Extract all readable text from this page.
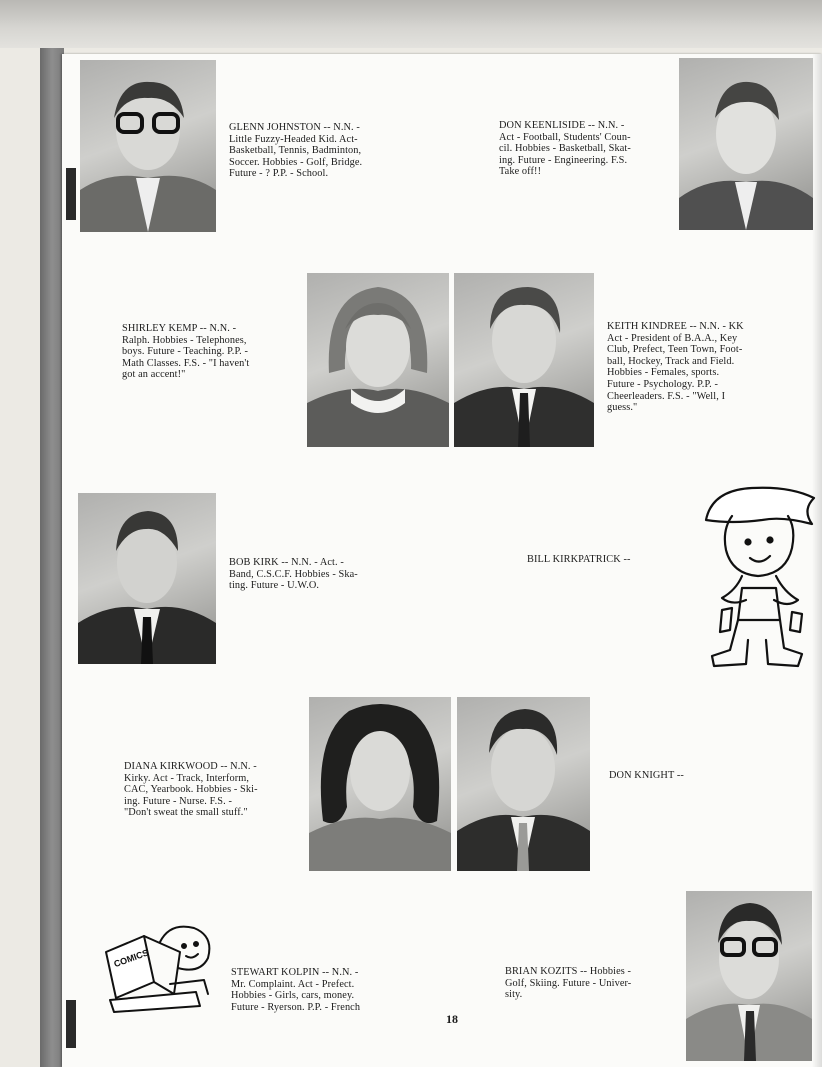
GLENN JOHNSTON -- N.N. -

Little Fuzzy-Headed Kid. Act-

Basketball, Tennis, Badminton,

Soccer. Hobbies - Golf, Bridge.

Future - ? P.P. - School.

DON KEENLISIDE -- N.N. -

Act - Football, Students' Coun-

cil. Hobbies - Basketball, Skat-

ing. Future - Engineering. F.S.

Take off!!

SHIRLEY KEMP -- N.N. -

Ralph. Hobbies - Telephones,

boys. Future - Teaching. P.P. -

Math Classes. F.S. - "I haven't

got an accent!"

KEITH KINDREE -- N.N. - KK

Act - President of B.A.A., Key

Club, Prefect, Teen Town, Foot-

ball, Hockey, Track and Field.

Hobbies - Females, sports.

Future - Psychology. P.P. -

Cheerleaders. F.S. - "Well, I

guess."

BOB KIRK -- N.N. - Act. -

Band, C.S.C.F. Hobbies - Ska-

ting. Future - U.W.O.

BILL KIRKPATRICK --

DIANA KIRKWOOD -- N.N. -

Kirky. Act - Track, Interform,

CAC, Yearbook. Hobbies - Ski-

ing. Future - Nurse. F.S. -

"Don't sweat the small stuff."

DON KNIGHT --

COMICS

STEWART KOLPIN -- N.N. -

Mr. Complaint. Act - Prefect.

Hobbies - Girls, cars, money.

Future - Ryerson. P.P. - French

18

BRIAN KOZITS -- Hobbies -

Golf, Skiing. Future - Univer-

sity.
